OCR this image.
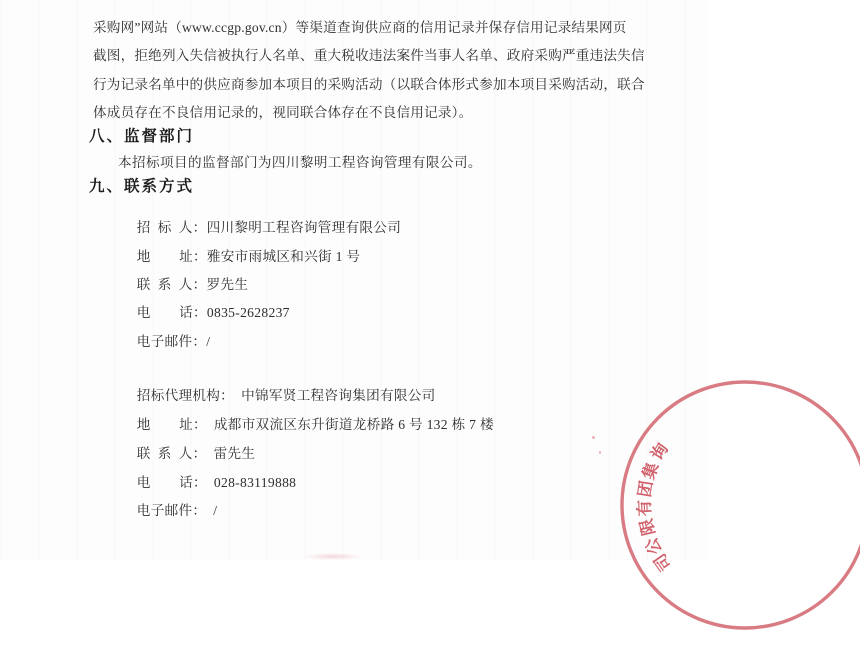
采购网”网站（www.ccgp.gov.cn）等渠道查询供应商的信用记录并保存信用记录结果网页
截图，拒绝列入失信被执行人名单、重大税收违法案件当事人名单、政府采购严重违法失信
行为记录名单中的供应商参加本项目的采购活动（以联合体形式参加本项目采购活动，联合
体成员存在不良信用记录的，视同联合体存在不良信用记录）。
八、监督部门
本招标项目的监督部门为四川黎明工程咨询管理有限公司。
九、联系方式

招 标 人：四川黎明工程咨询管理有限公司

地    址：雅安市雨城区和兴街 1 号

联 系 人：罗先生

电    话：0835-2628237

电子邮件：/

招标代理机构： 中锦军贤工程咨询集团有限公司

地    址： 成都市双流区东升街道龙桥路 6 号 132 栋 7 楼

联 系 人： 雷先生

电    话： 028-83119888

电子邮件： /

询
集
团
有
限
公
司
